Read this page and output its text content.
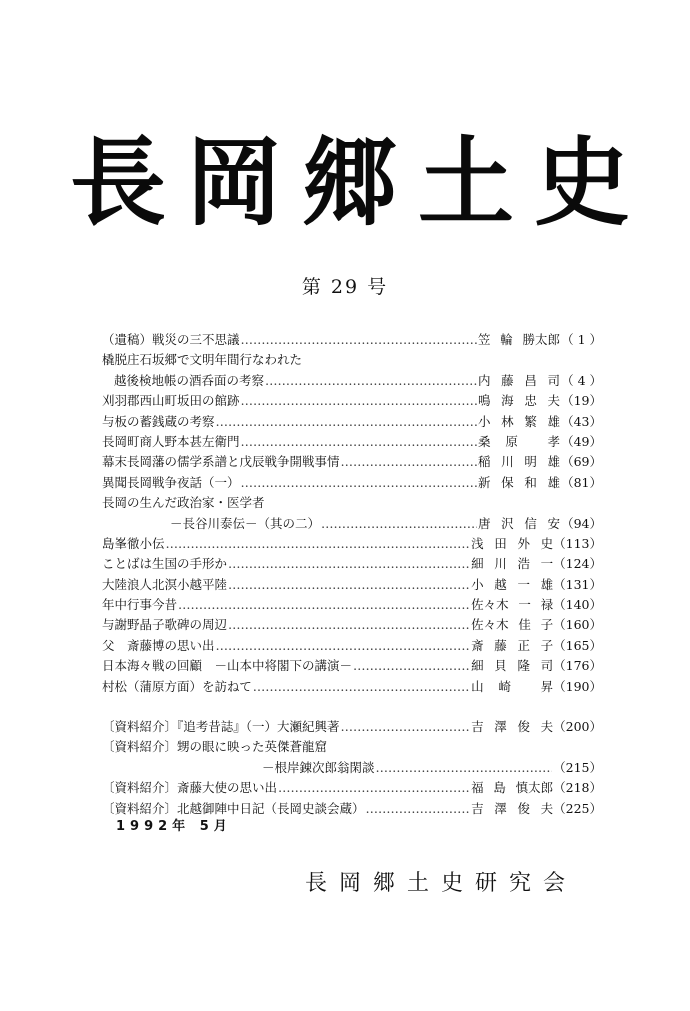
長 岡 郷 土 史
第 29 号
（遺稿）戦災の三不思議 ……………………………………………………………………………………………………………………………………………………	笠 輪 勝太郎 （ 1 ）
橇脱庄石坂郷で文明年間行なわれた
越後検地帳の酒呑面の考察 ……………………………………………………………………………………………………………………………………………………	内 藤 昌 司 （ 4 ）
刈羽郡西山町坂田の館跡 ……………………………………………………………………………………………………………………………………………………	鳴 海 忠 夫 （19）
与板の蓄銭蔵の考察 ……………………………………………………………………………………………………………………………………………………	小 林 繁 雄 （43）
長岡町商人野本甚左衛門 ……………………………………………………………………………………………………………………………………………………	桑 原 孝 （49）
幕末長岡藩の儒学系譜と戊辰戦争開戦事情 ……………………………………………………………………………………………………………………………………………………	稲 川 明 雄 （69）
異聞長岡戦争夜話（一） ……………………………………………………………………………………………………………………………………………………	新 保 和 雄 （81）
長岡の生んだ政治家・医学者
－長谷川泰伝－（其の二） ……………………………………………………………………………………………………………………………………………………	唐 沢 信 安 （94）
島峯徹小伝 ……………………………………………………………………………………………………………………………………………………	浅 田 外 史 （113）
ことばは生国の手形か ……………………………………………………………………………………………………………………………………………………	細 川 浩 一 （124）
大陸浪人北溟小越平陸 ……………………………………………………………………………………………………………………………………………………	小 越 一 雄 （131）
年中行事今昔 ……………………………………………………………………………………………………………………………………………………	佐々木 一 禄 （140）
与謝野晶子歌碑の周辺 ……………………………………………………………………………………………………………………………………………………	佐々木 佳 子 （160）
父　斎藤博の思い出 ……………………………………………………………………………………………………………………………………………………	斎 藤 正 子 （165）
日本海々戦の回顧　－山本中将閣下の講演－ ……………………………………………………………………………………………………………………………………………………	細 貝 隆 司 （176）
村松（蒲原方面）を訪ねて ……………………………………………………………………………………………………………………………………………………	山 崎 昇 （190）
〔資料紹介〕『追考昔誌』（一）大瀬紀興著 ……………………………………………………………………………………………………………………………………………………	吉 澤 俊 夫 （200）
〔資料紹介〕甥の眼に映った英傑蒼龍窟
－根岸錬次郎翁閑談 ……………………………………………………………………………………………………………………………………………………	（215）
〔資料紹介〕斎藤大使の思い出 ……………………………………………………………………………………………………………………………………………………	福 島 慎太郎 （218）
〔資料紹介〕北越御陣中日記（長岡史談会蔵） ……………………………………………………………………………………………………………………………………………………	吉 澤 俊 夫 （225）
1992年 5月
長岡郷土史研究会
